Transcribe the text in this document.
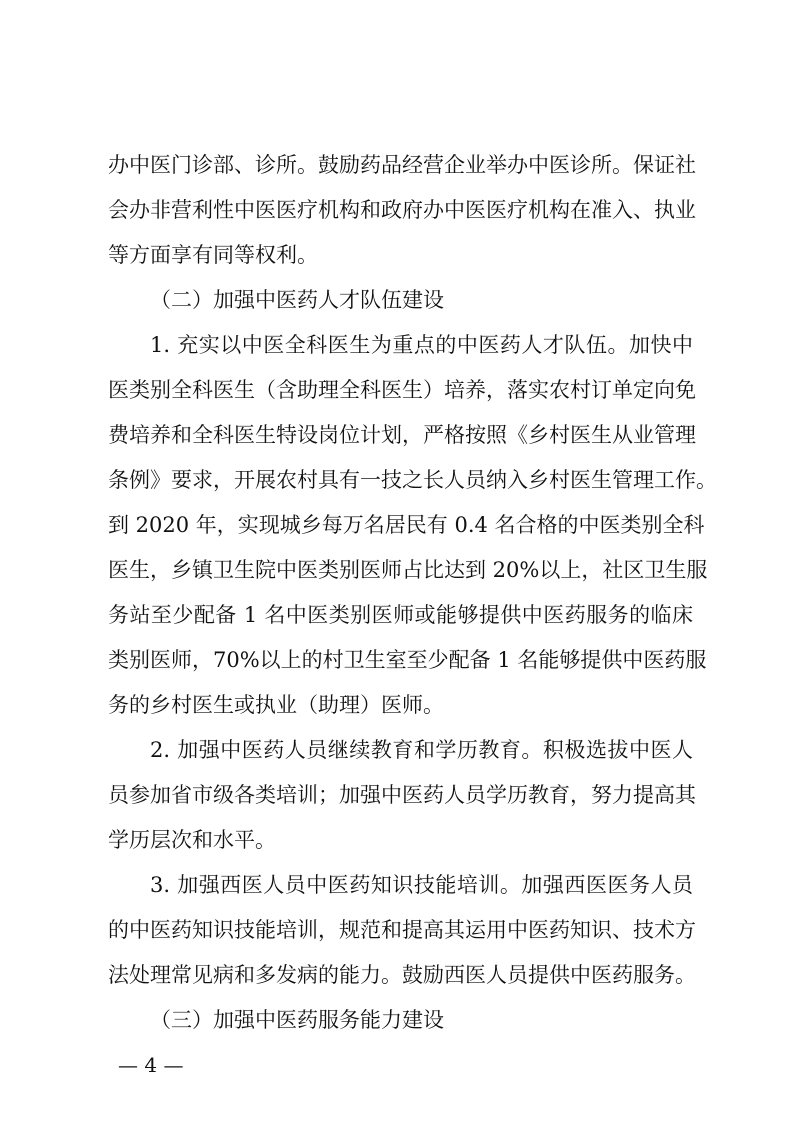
办中医门诊部、诊所。鼓励药品经营企业举办中医诊所。保证社
会办非营利性中医医疗机构和政府办中医医疗机构在准入、执业
等方面享有同等权利。
（二）加强中医药人才队伍建设
1. 充实以中医全科医生为重点的中医药人才队伍。加快中
医类别全科医生（含助理全科医生）培养，落实农村订单定向免
费培养和全科医生特设岗位计划，严格按照《乡村医生从业管理
条例》要求，开展农村具有一技之长人员纳入乡村医生管理工作。
到 2020 年，实现城乡每万名居民有 0.4 名合格的中医类别全科
医生，乡镇卫生院中医类别医师占比达到 20%以上，社区卫生服
务站至少配备 1 名中医类别医师或能够提供中医药服务的临床
类别医师，70%以上的村卫生室至少配备 1 名能够提供中医药服
务的乡村医生或执业（助理）医师。
2. 加强中医药人员继续教育和学历教育。积极选拔中医人
员参加省市级各类培训；加强中医药人员学历教育，努力提高其
学历层次和水平。
3. 加强西医人员中医药知识技能培训。加强西医医务人员
的中医药知识技能培训，规范和提高其运用中医药知识、技术方
法处理常见病和多发病的能力。鼓励西医人员提供中医药服务。
（三）加强中医药服务能力建设
— 4 —
